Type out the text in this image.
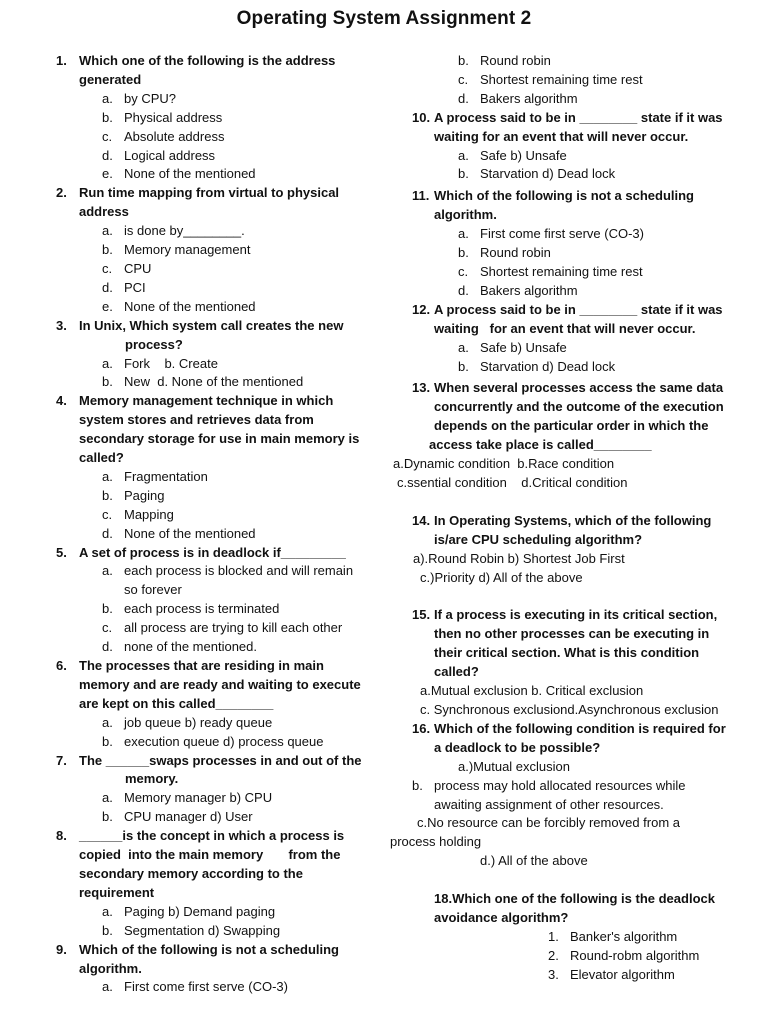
Operating System Assignment 2
1. Which one of the following is the address
generated
a. by CPU?
b. Physical address
c. Absolute address
d. Logical address
e. None of the mentioned
2. Run time mapping from virtual to physical
address
a. is done by________.
b. Memory management
c. CPU
d. PCI
e. None of the mentioned
3. In Unix, Which system call creates the new
process?
a. Fork    b. Create
b. New  d. None of the mentioned
4. Memory management technique in which
system stores and retrieves data from
secondary storage for use in main memory is
called?
a. Fragmentation
b. Paging
c. Mapping
d. None of the mentioned
5. A set of process is in deadlock if_________
a. each process is blocked and will remain
so forever
b. each process is terminated
c. all process are trying to kill each other
d. none of the mentioned.
6. The processes that are residing in main
memory and are ready and waiting to execute
are kept on this called________
a. job queue b) ready queue
b. execution queue d) process queue
7. The ______swaps processes in and out of the
memory.
a. Memory manager b) CPU
b. CPU manager d) User
8. ______is the concept in which a process is
copied  into the main memory       from the
secondary memory according to the
requirement
a. Paging b) Demand paging
b. Segmentation d) Swapping
9. Which of the following is not a scheduling
algorithm.
a. First come first serve (CO-3)
b. Round robin
c. Shortest remaining time rest
d. Bakers algorithm
10. A process said to be in ________ state if it was
waiting for an event that will never occur.
a. Safe b) Unsafe
b. Starvation d) Dead lock
11. Which of the following is not a scheduling
algorithm.
a. First come first serve (CO-3)
b. Round robin
c. Shortest remaining time rest
d. Bakers algorithm
12. A process said to be in ________ state if it was
waiting   for an event that will never occur.
a. Safe b) Unsafe
b. Starvation d) Dead lock
13. When several processes access the same data
concurrently and the outcome of the execution
depends on the particular order in which the
access take place is called________
a.Dynamic condition  b.Race condition
c.ssential condition    d.Critical condition
14. In Operating Systems, which of the following
is/are CPU scheduling algorithm?
a).Round Robin b) Shortest Job First
c.)Priority d) All of the above
15. If a process is executing in its critical section,
then no other processes can be executing in
their critical section. What is this condition
called?
a.Mutual exclusion b. Critical exclusion
c. Synchronous exclusiond.Asynchronous exclusion
16. Which of the following condition is required for
a deadlock to be possible?
a.)Mutual exclusion
b. process may hold allocated resources while
awaiting assignment of other resources.
c.No resource can be forcibly removed from a
process holding
d.) All of the above
18.Which one of the following is the deadlock
avoidance algorithm?
1. Banker's algorithm
2. Round-robm algorithm
3. Elevator algorithm
